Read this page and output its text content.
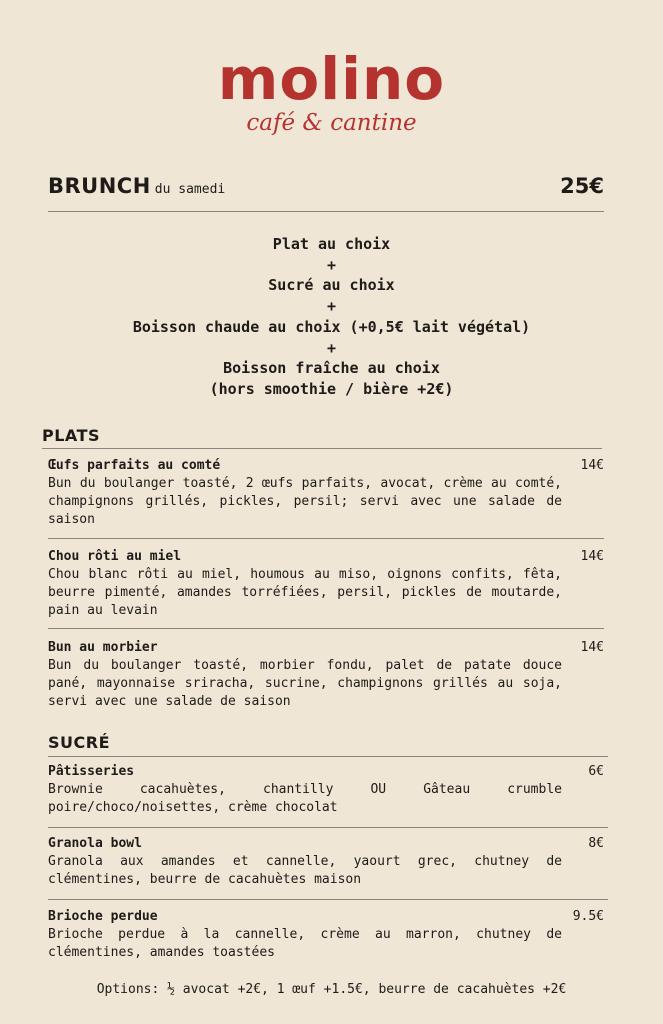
molino
café & cantine
BRUNCH du samedi	25€
Plat au choix
+
Sucré au choix
+
Boisson chaude au choix (+0,5€ lait végétal)
+
Boisson fraîche au choix
(hors smoothie / bière +2€)
PLATS
Œufs parfaits au comté	14€
Bun du boulanger toasté, 2 œufs parfaits, avocat, crème au comté, champignons grillés, pickles, persil; servi avec une salade de saison
Chou rôti au miel	14€
Chou blanc rôti au miel, houmous au miso, oignons confits, fêta, beurre pimenté, amandes torréfiées, persil, pickles de moutarde, pain au levain
Bun au morbier	14€
Bun du boulanger toasté, morbier fondu, palet de patate douce pané, mayonnaise sriracha, sucrine, champignons grillés au soja, servi avec une salade de saison
SUCRÉ
Pâtisseries	6€
Brownie cacahuètes, chantilly OU Gâteau crumble poire/choco/noisettes, crème chocolat
Granola bowl	8€
Granola aux amandes et cannelle, yaourt grec, chutney de clémentines, beurre de cacahuètes maison
Brioche perdue	9.5€
Brioche perdue à la cannelle, crème au marron, chutney de clémentines, amandes toastées
Options: ½ avocat +2€, 1 œuf +1.5€, beurre de cacahuètes +2€
